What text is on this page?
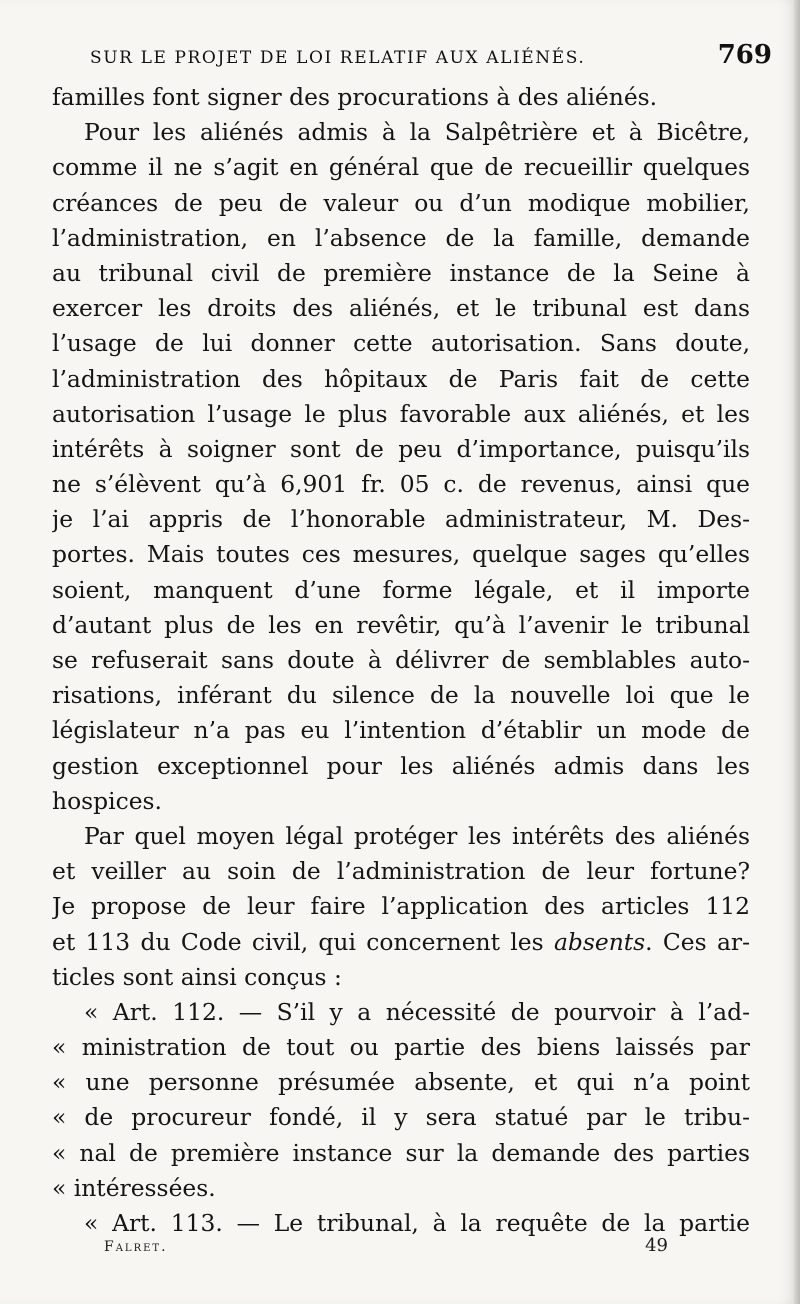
SUR LE PROJET DE LOI RELATIF AUX ALIÉNÉS.	769
familles font signer des procurations à des aliénés.
Pour les aliénés admis à la Salpêtrière et à Bicêtre,
comme il ne s’agit en général que de recueillir quelques
créances de peu de valeur ou d’un modique mobilier,
l’administration, en l’absence de la famille, demande
au tribunal civil de première instance de la Seine à
exercer les droits des aliénés, et le tribunal est dans
l’usage de lui donner cette autorisation. Sans doute,
l’administration des hôpitaux de Paris fait de cette
autorisation l’usage le plus favorable aux aliénés, et les
intérêts à soigner sont de peu d’importance, puisqu’ils
ne s’élèvent qu’à 6,901 fr. 05 c. de revenus, ainsi que
je l’ai appris de l’honorable administrateur, M. Des-
portes. Mais toutes ces mesures, quelque sages qu’elles
soient, manquent d’une forme légale, et il importe
d’autant plus de les en revêtir, qu’à l’avenir le tribunal
se refuserait sans doute à délivrer de semblables auto-
risations, inférant du silence de la nouvelle loi que le
législateur n’a pas eu l’intention d’établir un mode de
gestion exceptionnel pour les aliénés admis dans les
hospices.
Par quel moyen légal protéger les intérêts des aliénés
et veiller au soin de l’administration de leur fortune?
Je propose de leur faire l’application des articles 112
et 113 du Code civil, qui concernent les absents. Ces ar-
ticles sont ainsi conçus :
« Art. 112. — S’il y a nécessité de pourvoir à l’ad-
« ministration de tout ou partie des biens laissés par
« une personne présumée absente, et qui n’a point
« de procureur fondé, il y sera statué par le tribu-
« nal de première instance sur la demande des parties
« intéressées.
« Art. 113. — Le tribunal, à la requête de la partie
Falret.	49
